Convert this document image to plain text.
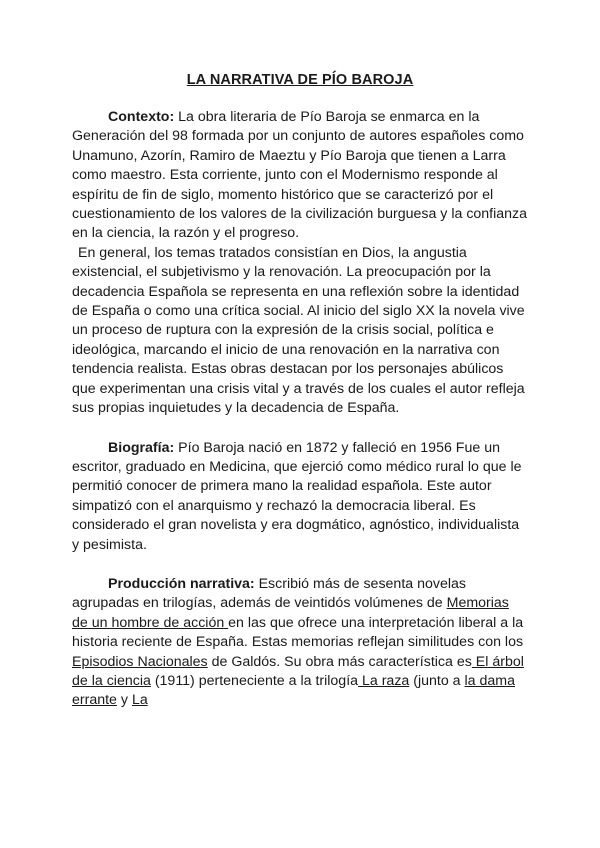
LA NARRATIVA DE PÍO BAROJA

Contexto: La obra literaria de Pío Baroja se enmarca en la Generación del 98 formada por un conjunto de autores españoles como Unamuno, Azorín, Ramiro de Maeztu y Pío Baroja que tienen a Larra como maestro. Esta corriente, junto con el Modernismo responde al espíritu de fin de siglo, momento histórico que se caracterizó por el cuestionamiento de los valores de la civilización burguesa y la confianza en la ciencia, la razón y el progreso.

En general, los temas tratados consistían en Dios, la angustia existencial, el subjetivismo y la renovación. La preocupación por la decadencia Española se representa en una reflexión sobre la identidad de España o como una crítica social. Al inicio del siglo XX la novela vive un proceso de ruptura con la expresión de la crisis social, política e ideológica, marcando el inicio de una renovación en la narrativa con tendencia realista. Estas obras destacan por los personajes abúlicos que experimentan una crisis vital y a través de los cuales el autor refleja sus propias inquietudes y la decadencia de España.

Biografía: Pío Baroja nació en 1872 y falleció en 1956 Fue un escritor, graduado en Medicina, que ejerció como médico rural lo que le permitió conocer de primera mano la realidad española. Este autor simpatizó con el anarquismo y rechazó la democracia liberal. Es considerado el gran novelista y era dogmático, agnóstico, individualista y pesimista.

Producción narrativa: Escribió más de sesenta novelas agrupadas en trilogías, además de veintidós volúmenes de Memorias de un hombre de acción en las que ofrece una interpretación liberal a la historia reciente de España. Estas memorias reflejan similitudes con los Episodios Nacionales de Galdós. Su obra más característica es El árbol de la ciencia (1911) perteneciente a la trilogía La raza (junto a la dama errante y La
